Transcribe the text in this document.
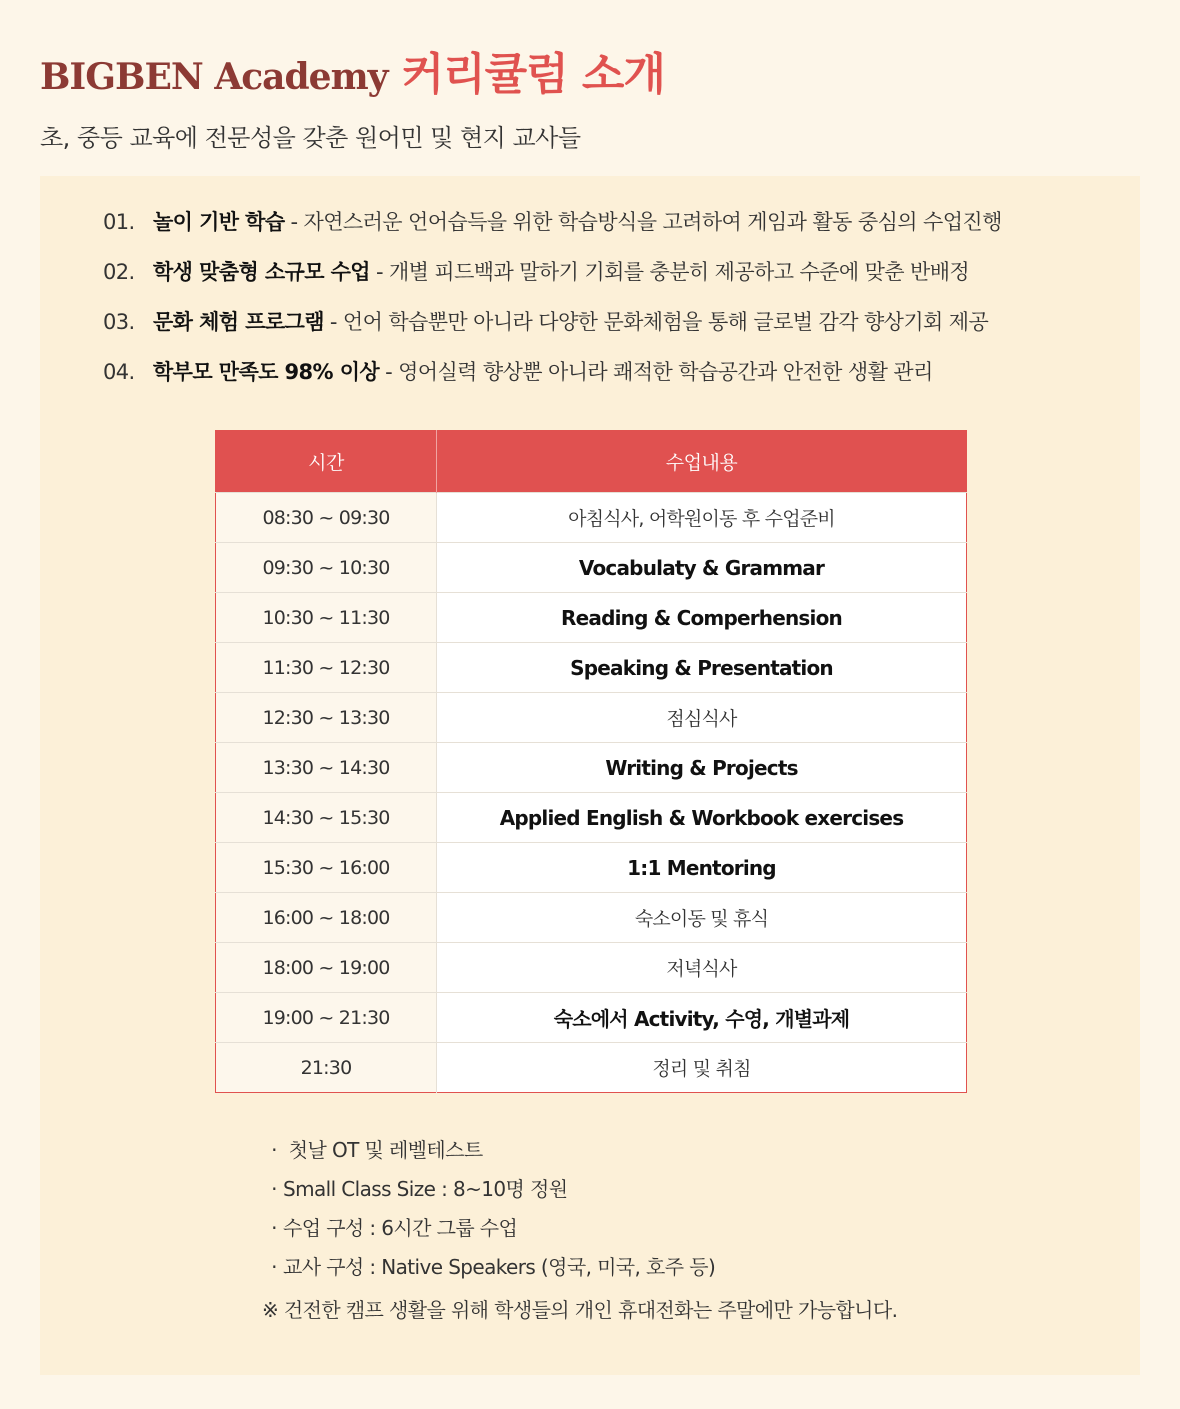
BIGBEN Academy 커리큘럼 소개
초, 중등 교육에 전문성을 갖춘 원어민 및 현지 교사들
01. 놀이 기반 학습 - 자연스러운 언어습득을 위한 학습방식을 고려하여 게임과 활동 중심의 수업진행
02. 학생 맞춤형 소규모 수업 - 개별 피드백과 말하기 기회를 충분히 제공하고 수준에 맞춘 반배정
03. 문화 체험 프로그램 - 언어 학습뿐만 아니라 다양한 문화체험을 통해 글로벌 감각 향상기회 제공
04. 학부모 만족도 98% 이상 - 영어실력 향상뿐 아니라 쾌적한 학습공간과 안전한 생활 관리
시간	수업내용
08:30 ~ 09:30	아침식사, 어학원이동 후 수업준비
09:30 ~ 10:30	Vocabulaty & Grammar
10:30 ~ 11:30	Reading & Comperhension
11:30 ~ 12:30	Speaking & Presentation
12:30 ~ 13:30	점심식사
13:30 ~ 14:30	Writing & Projects
14:30 ~ 15:30	Applied English & Workbook exercises
15:30 ~ 16:00	1:1 Mentoring
16:00 ~ 18:00	숙소이동 및 휴식
18:00 ~ 19:00	저녁식사
19:00 ~ 21:30	숙소에서 Activity, 수영, 개별과제
21:30	정리 및 취침
· 첫날 OT 및 레벨테스트
· Small Class Size : 8~10명 정원
· 수업 구성 : 6시간 그룹 수업
· 교사 구성 : Native Speakers (영국, 미국, 호주 등)
※ 건전한 캠프 생활을 위해 학생들의 개인 휴대전화는 주말에만 가능합니다.
